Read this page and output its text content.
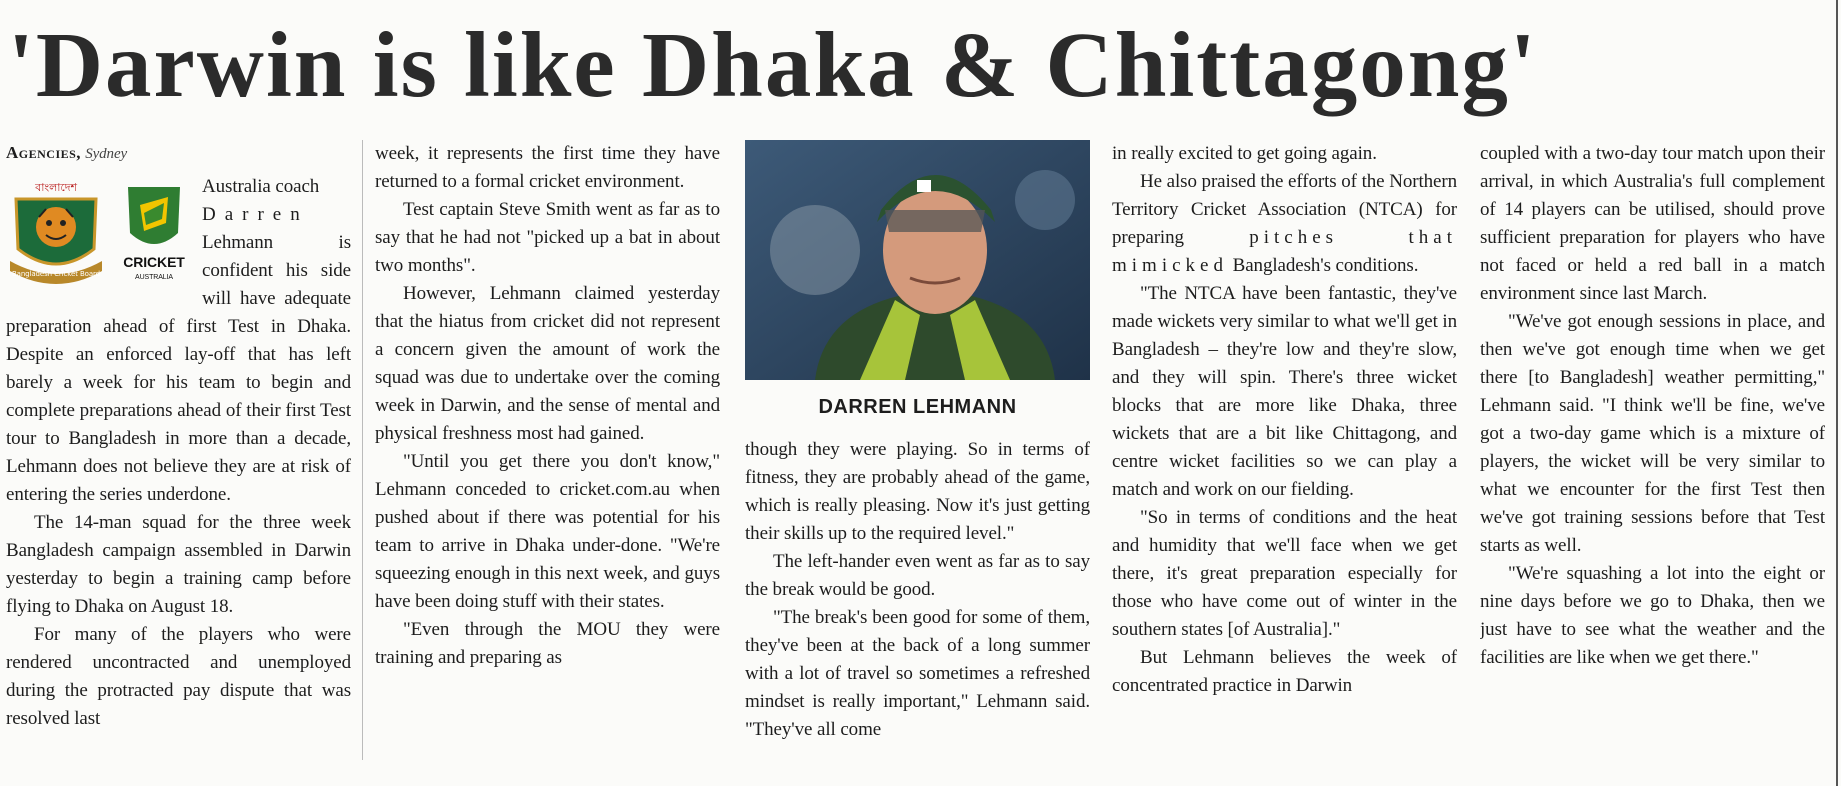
'Darwin is like Dhaka & Chittagong'
Agencies, Sydney
বাংলাদেশ
Bangladesh Cricket Board
CRICKET
AUSTRALIA

Australia coach
Darren
Lehmann is confident his side will have adequate preparation ahead of first Test in Dhaka. Despite an enforced lay-off that has left barely a week for his team to begin and complete preparations ahead of their first Test tour to Bangladesh in more than a decade, Lehmann does not believe they are at risk of entering the series underdone.

The 14-man squad for the three week Bangladesh campaign assembled in Darwin yesterday to begin a training camp before flying to Dhaka on August 18.

For many of the players who were rendered uncontracted and unemployed during the protracted pay dispute that was resolved last

week, it represents the first time they have returned to a formal cricket environment.

Test captain Steve Smith went as far as to say that he had not "picked up a bat in about two months".

However, Lehmann claimed yesterday that the hiatus from cricket did not represent a concern given the amount of work the squad was due to undertake over the coming week in Darwin, and the sense of mental and physical freshness most had gained.

"Until you get there you don't know," Lehmann conceded to cricket.com.au when pushed about if there was potential for his team to arrive in Dhaka under-done. "We're squeezing enough in this next week, and guys have been doing stuff with their states.

"Even through the MOU they were training and preparing as

DARREN LEHMANN

though they were playing. So in terms of fitness, they are probably ahead of the game, which is really pleasing. Now it's just getting their skills up to the required level."

The left-hander even went as far as to say the break would be good.

"The break's been good for some of them, they've been at the back of a long summer with a lot of travel so sometimes a refreshed mindset is really important," Lehmann said. "They've all come

in really excited to get going again.

He also praised the efforts of the Northern Territory Cricket Association (NTCA) for preparing	pitches that mimicked Bangladesh's conditions.

"The NTCA have been fantastic, they've made wickets very similar to what we'll get in Bangladesh – they're low and they're slow, and they will spin. There's three wicket blocks that are more like Dhaka, three wickets that are a bit like Chittagong, and centre wicket facilities so we can play a match and work on our fielding.

"So in terms of conditions and the heat and humidity that we'll face when we get there, it's great preparation especially for those who have come out of winter in the southern states [of Australia]."

But Lehmann believes the week of concentrated practice in Darwin

coupled with a two-day tour match upon their arrival, in which Australia's full complement of 14 players can be utilised, should prove sufficient preparation for players who have not faced or held a red ball in a match environment since last March.

"We've got enough sessions in place, and then we've got enough time when we get there [to Bangladesh] weather permitting," Lehmann said. "I think we'll be fine, we've got a two-day game which is a mixture of players, the wicket will be very similar to what we encounter for the first Test then we've got training sessions before that Test starts as well.

"We're squashing a lot into the eight or nine days before we go to Dhaka, then we just have to see what the weather and the facilities are like when we get there."
